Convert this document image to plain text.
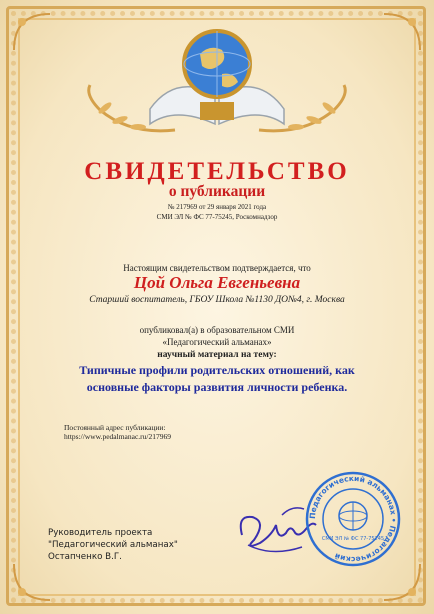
СВИДЕТЕЛЬСТВО
о публикации
№ 217969 от 29 января 2021 года
СМИ ЭЛ № ФС 77-75245, Роскомнадзор
Настоящим свидетельством подтверждается, что
Цой Ольга Евгеньевна
Старший воспитатель, ГБОУ Школа №1130 ДО№4, г. Москва
опубликовал(а) в образовательном СМИ
«Педагогический альманах»
научный материал на тему:
Типичные профили родительских отношений, как
основные факторы развития личности ребенка.
Постоянный адрес публикации:
https://www.pedalmanac.ru/217969
Руководитель проекта
"Педагогический альманах"
Остапченко В.Г.
Педагогический альманах • Педагогический
СМИ ЭЛ № ФС 77-75245
